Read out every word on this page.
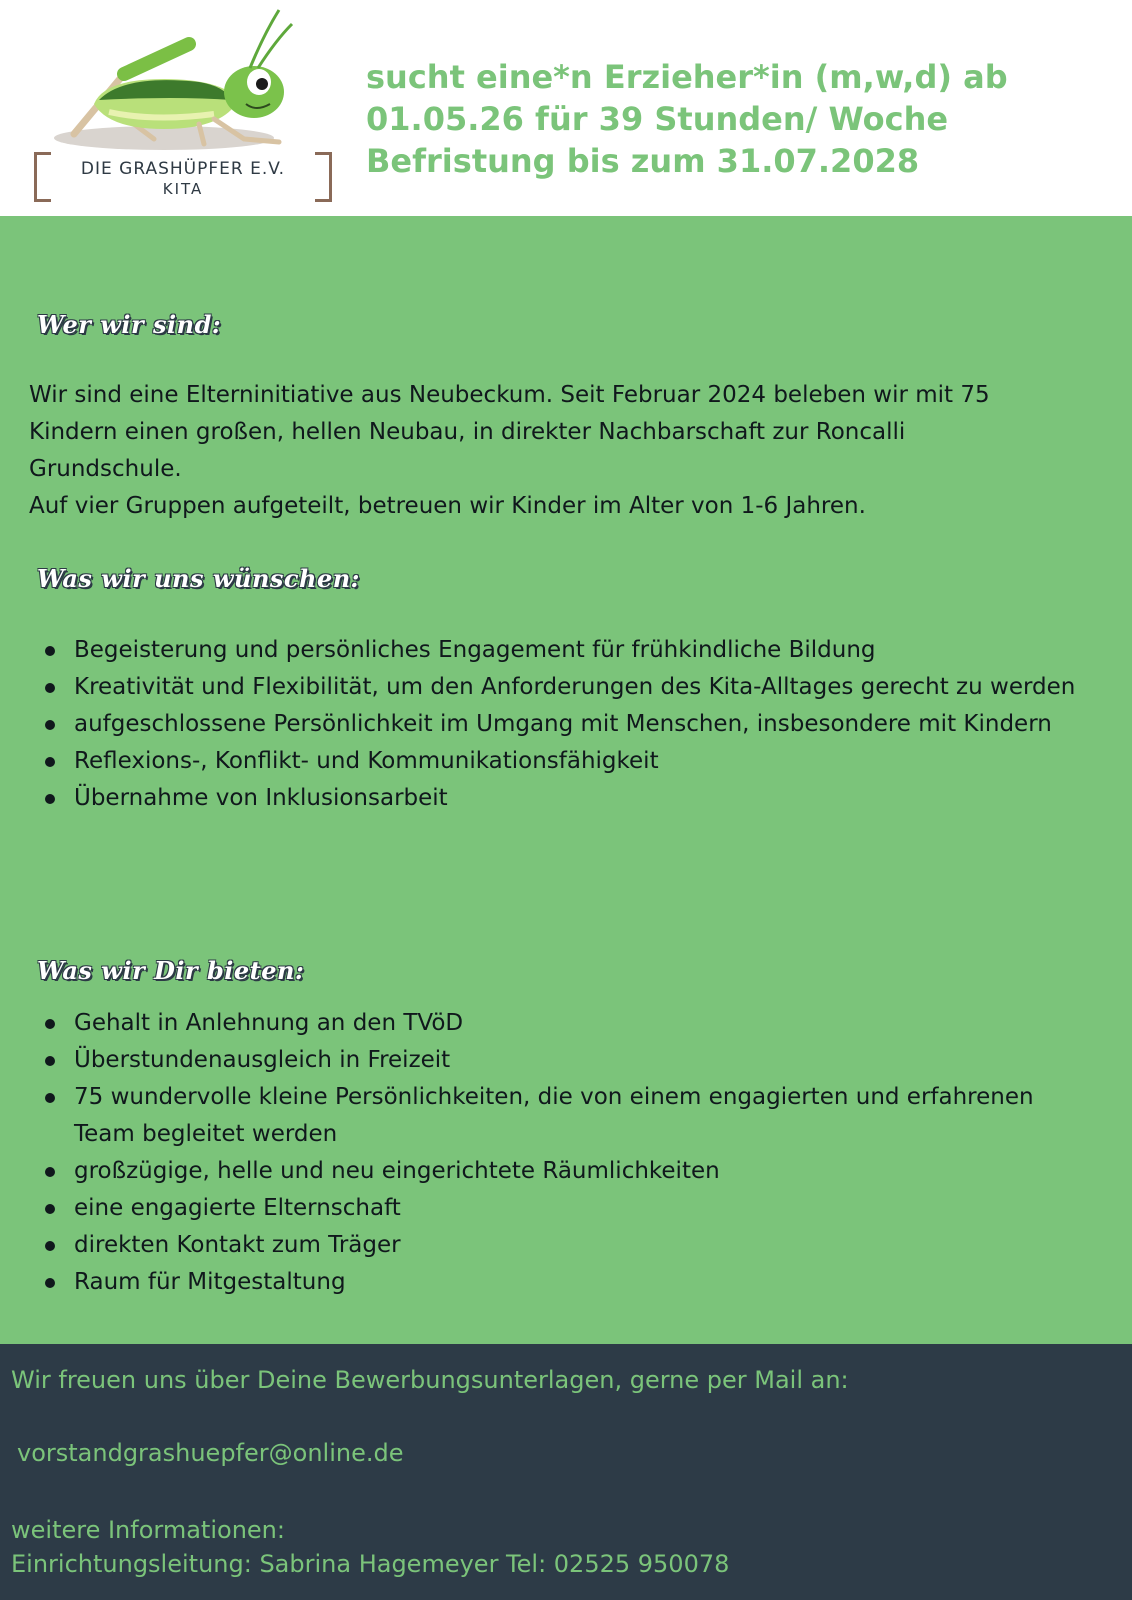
DIE GRASHÜPFER E.V.
KITA
sucht eine*n Erzieher*in (m,w,d) ab
01.05.26 für 39 Stunden/ Woche
Befristung bis zum 31.07.2028
Wer wir sind:
Wir sind eine Elterninitiative aus Neubeckum. Seit Februar 2024 beleben wir mit 75
Kindern einen großen, hellen Neubau, in direkter Nachbarschaft zur Roncalli
Grundschule.
Auf vier Gruppen aufgeteilt, betreuen wir Kinder im Alter von 1-6 Jahren.
Was wir uns wünschen:
Begeisterung und persönliches Engagement für frühkindliche Bildung
Kreativität und Flexibilität, um den Anforderungen des Kita-Alltages gerecht zu werden
aufgeschlossene Persönlichkeit im Umgang mit Menschen, insbesondere mit Kindern
Reflexions-, Konflikt- und Kommunikationsfähigkeit
Übernahme von Inklusionsarbeit
Was wir Dir bieten:
Gehalt in Anlehnung an den TVöD
Überstundenausgleich in Freizeit
75 wundervolle kleine Persönlichkeiten, die von einem engagierten und erfahrenen Team begleitet werden
großzügige, helle und neu eingerichtete Räumlichkeiten
eine engagierte Elternschaft
direkten Kontakt zum Träger
Raum für Mitgestaltung
Wir freuen uns über Deine Bewerbungsunterlagen, gerne per Mail an:
vorstandgrashuepfer@online.de
weitere Informationen:
Einrichtungsleitung: Sabrina Hagemeyer Tel: 02525 950078
